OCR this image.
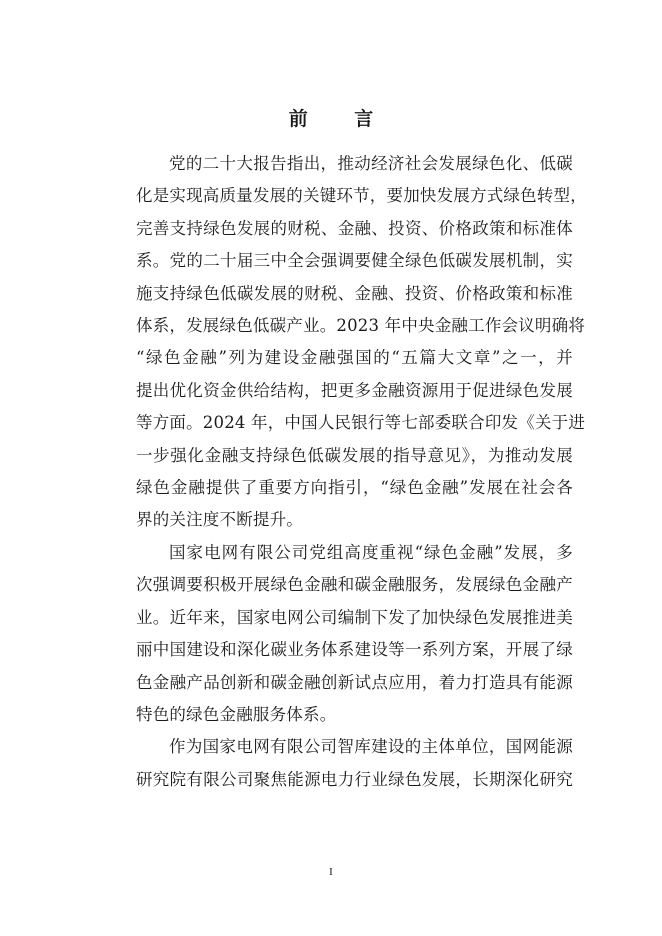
前 言
党的二十大报告指出，推动经济社会发展绿色化、低碳
化是实现高质量发展的关键环节，要加快发展方式绿色转型，
完善支持绿色发展的财税、金融、投资、价格政策和标准体
系。党的二十届三中全会强调要健全绿色低碳发展机制，实
施支持绿色低碳发展的财税、金融、投资、价格政策和标准
体系，发展绿色低碳产业。2023 年中央金融工作会议明确将
“绿色金融”列为建设金融强国的“五篇大文章”之一，并
提出优化资金供给结构，把更多金融资源用于促进绿色发展
等方面。2024 年，中国人民银行等七部委联合印发《关于进
一步强化金融支持绿色低碳发展的指导意见》，为推动发展
绿色金融提供了重要方向指引，“绿色金融”发展在社会各
界的关注度不断提升。
国家电网有限公司党组高度重视“绿色金融”发展，多
次强调要积极开展绿色金融和碳金融服务，发展绿色金融产
业。近年来，国家电网公司编制下发了加快绿色发展推进美
丽中国建设和深化碳业务体系建设等一系列方案，开展了绿
色金融产品创新和碳金融创新试点应用，着力打造具有能源
特色的绿色金融服务体系。
作为国家电网有限公司智库建设的主体单位，国网能源
研究院有限公司聚焦能源电力行业绿色发展，长期深化研究
I
